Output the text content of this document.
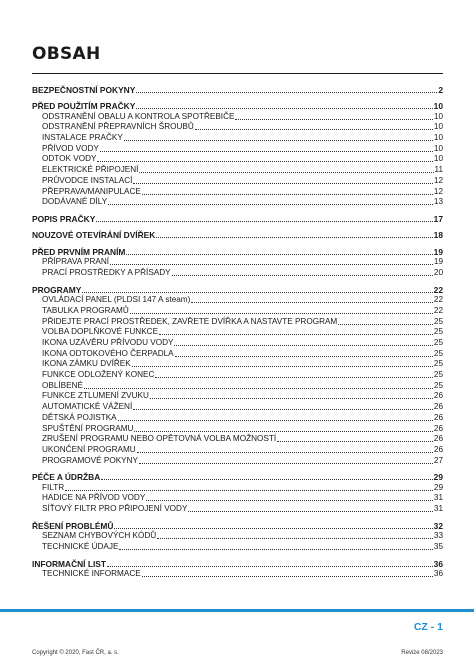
OBSAH
BEZPEČNOSTNÍ POKYNY	2
PŘED POUŽITÍM PRAČKY	10
ODSTRANĚNÍ OBALU A KONTROLA SPOTŘEBIČE	10
ODSTRANĚNÍ PŘEPRAVNÍCH ŠROUBŮ	10
INSTALACE PRAČKY	10
PŘÍVOD VODY	10
ODTOK VODY	10
ELEKTRICKÉ PŘIPOJENÍ	11
PRŮVODCE INSTALACÍ	12
PŘEPRAVA/MANIPULACE	12
DODÁVANÉ DÍLY	13
POPIS PRAČKY	17
NOUZOVÉ OTEVÍRÁNÍ DVÍŘEK	18
PŘED PRVNÍM PRANÍM	19
PŘÍPRAVA PRANÍ	19
PRACÍ PROSTŘEDKY A PŘÍSADY	20
PROGRAMY	22
OVLÁDACÍ PANEL (PLDSI 147 A steam)	22
TABULKA PROGRAMŮ	22
PŘIDEJTE PRACÍ PROSTŘEDEK, ZAVŘETE DVÍŘKA A NASTAVTE PROGRAM	25
VOLBA DOPLŇKOVÉ FUNKCE	25
IKONA UZÁVĚRU PŘÍVODU VODY	25
IKONA ODTOKOVÉHO ČERPADLA	25
IKONA ZÁMKU DVÍŘEK	25
FUNKCE ODLOŽENÝ KONEC	25
OBLÍBENÉ	25
FUNKCE ZTLUMENÍ ZVUKU	26
AUTOMATICKÉ VÁŽENÍ	26
DĚTSKÁ POJISTKA	26
SPUŠTĚNÍ PROGRAMU	26
ZRUŠENÍ PROGRAMU NEBO OPĚTOVNÁ VOLBA MOŽNOSTÍ	26
UKONČENÍ PROGRAMU	26
PROGRAMOVÉ POKYNY	27
PÉČE A ÚDRŽBA	29
FILTR	29
HADICE NA PŘÍVOD VODY	31
SÍŤOVÝ FILTR PRO PŘIPOJENÍ VODY	31
ŘEŠENÍ PROBLÉMŮ	32
SEZNAM CHYBOVÝCH KÓDŮ	33
TECHNICKÉ ÚDAJE	35
INFORMAČNÍ LIST	36
TECHNICKÉ INFORMACE	36
CZ - 1
Copyright © 2020, Fast ČR, a. s.	Revize 08/2023
